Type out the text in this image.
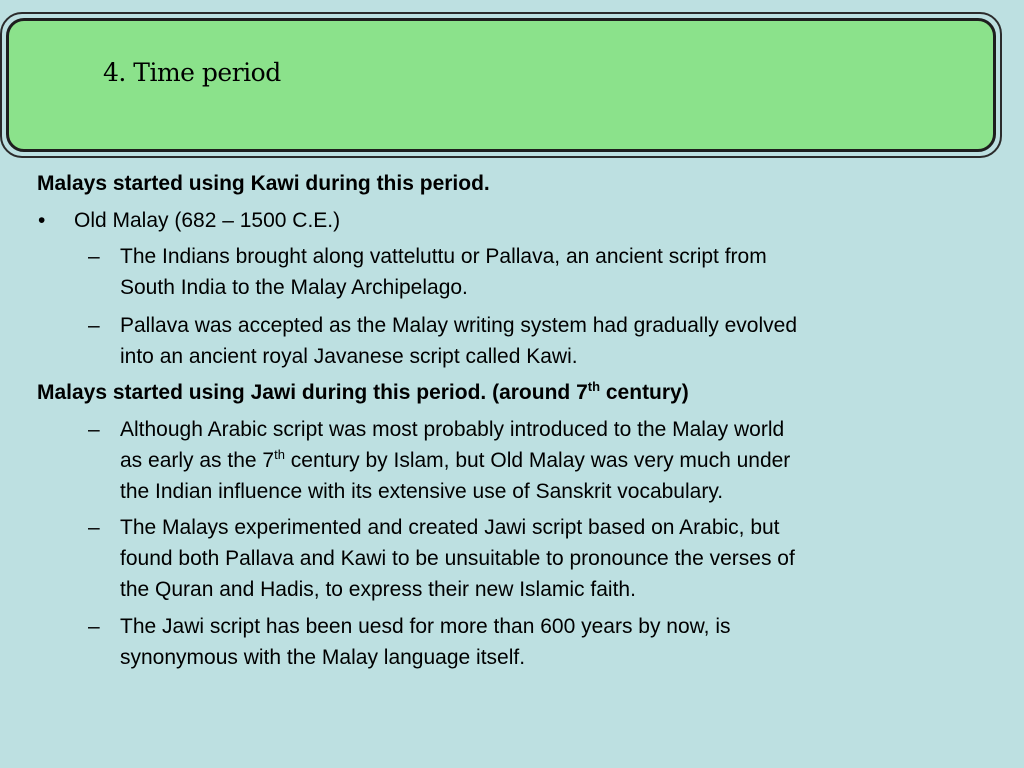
4. Time period
Malays started using Kawi during this period.
• Old Malay (682 – 1500 C.E.)
– The Indians brought along vatteluttu or Pallava, an ancient script from
South India to the Malay Archipelago.
– Pallava was accepted as the Malay writing system had gradually evolved
into an ancient royal Javanese script called Kawi.
Malays started using Jawi during this period. (around 7th century)
– Although Arabic script was most probably introduced to the Malay world
as early as the 7th century by Islam, but Old Malay was very much under
the Indian influence with its extensive use of Sanskrit vocabulary.
– The Malays experimented and created Jawi script based on Arabic, but
found both Pallava and Kawi to be unsuitable to pronounce the verses of
the Quran and Hadis, to express their new Islamic faith.
– The Jawi script has been uesd for more than 600 years by now, is
synonymous with the Malay language itself.
